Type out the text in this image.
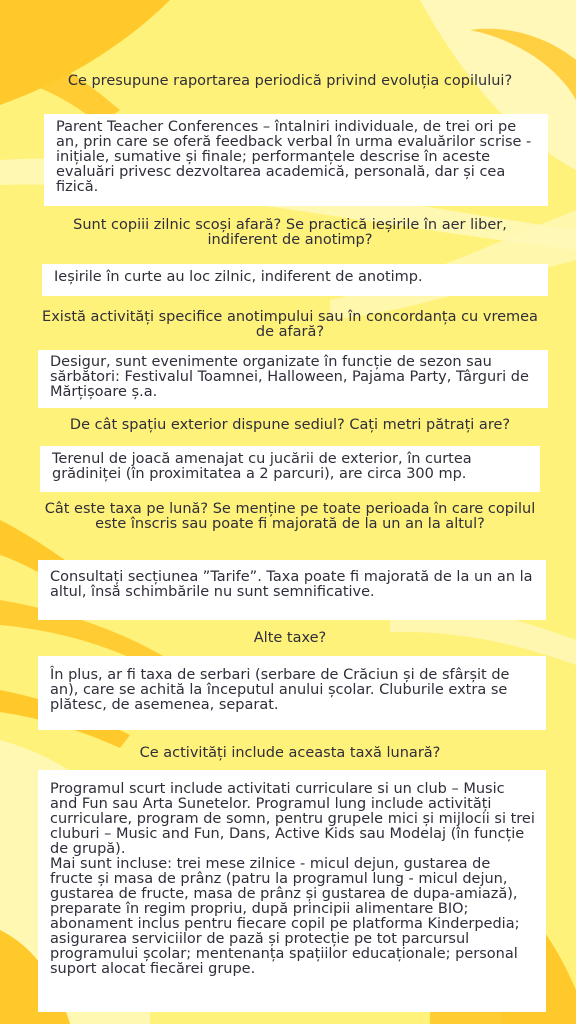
Ce presupune raportarea periodică privind evoluția copilului?
Parent Teacher Conferences – întalniri individuale, de trei ori pe an, prin care se oferă feedback verbal în urma evaluărilor scrise - inițiale, sumative și finale; performanțele descrise în aceste evaluări privesc dezvoltarea academică, personală, dar și cea fizică.
Sunt copiii zilnic scoși afară? Se practică ieșirile în aer liber, indiferent de anotimp?
Ieșirile în curte au loc zilnic, indiferent de anotimp.
Există activități specifice anotimpului sau în concordanța cu vremea de afară?
Desigur, sunt evenimente organizate în funcție de sezon sau sărbători: Festivalul Toamnei, Halloween, Pajama Party, Târguri de Mărțișoare ș.a.
De cât spațiu exterior dispune sediul? Cați metri pătrați are?
Terenul de joacă amenajat cu jucării de exterior, în curtea grădiniței (în proximitatea a 2 parcuri), are circa 300 mp.
Cât este taxa pe lună? Se menține pe toate perioada în care copilul este înscris sau poate fi majorată de la un an la altul?
Consultați secțiunea ”Tarife”. Taxa poate fi majorată de la un an la altul, însă schimbările nu sunt semnificative.
Alte taxe?
În plus, ar fi taxa de serbari (serbare de Crăciun și de sfârșit de an), care se achită la începutul anului școlar. Cluburile extra se plătesc, de asemenea, separat.
Ce activități include aceasta taxă lunară?
Programul scurt include activitati curriculare si un club – Music and Fun sau Arta Sunetelor. Programul lung include activități curriculare, program de somn, pentru grupele mici și mijlocii si trei cluburi – Music and Fun, Dans, Active Kids sau Modelaj (în funcție de grupă).
Mai sunt incluse: trei mese zilnice - micul dejun, gustarea de fructe și masa de prânz (patru la programul lung - micul dejun, gustarea de fructe, masa de prânz și gustarea de dupa-amiază), preparate în regim propriu, după principii alimentare BIO; abonament inclus pentru fiecare copil pe platforma Kinderpedia; asigurarea serviciilor de pază și protecție pe tot parcursul programului școlar; mentenanța spațiilor educaționale; personal suport alocat fiecărei grupe.
